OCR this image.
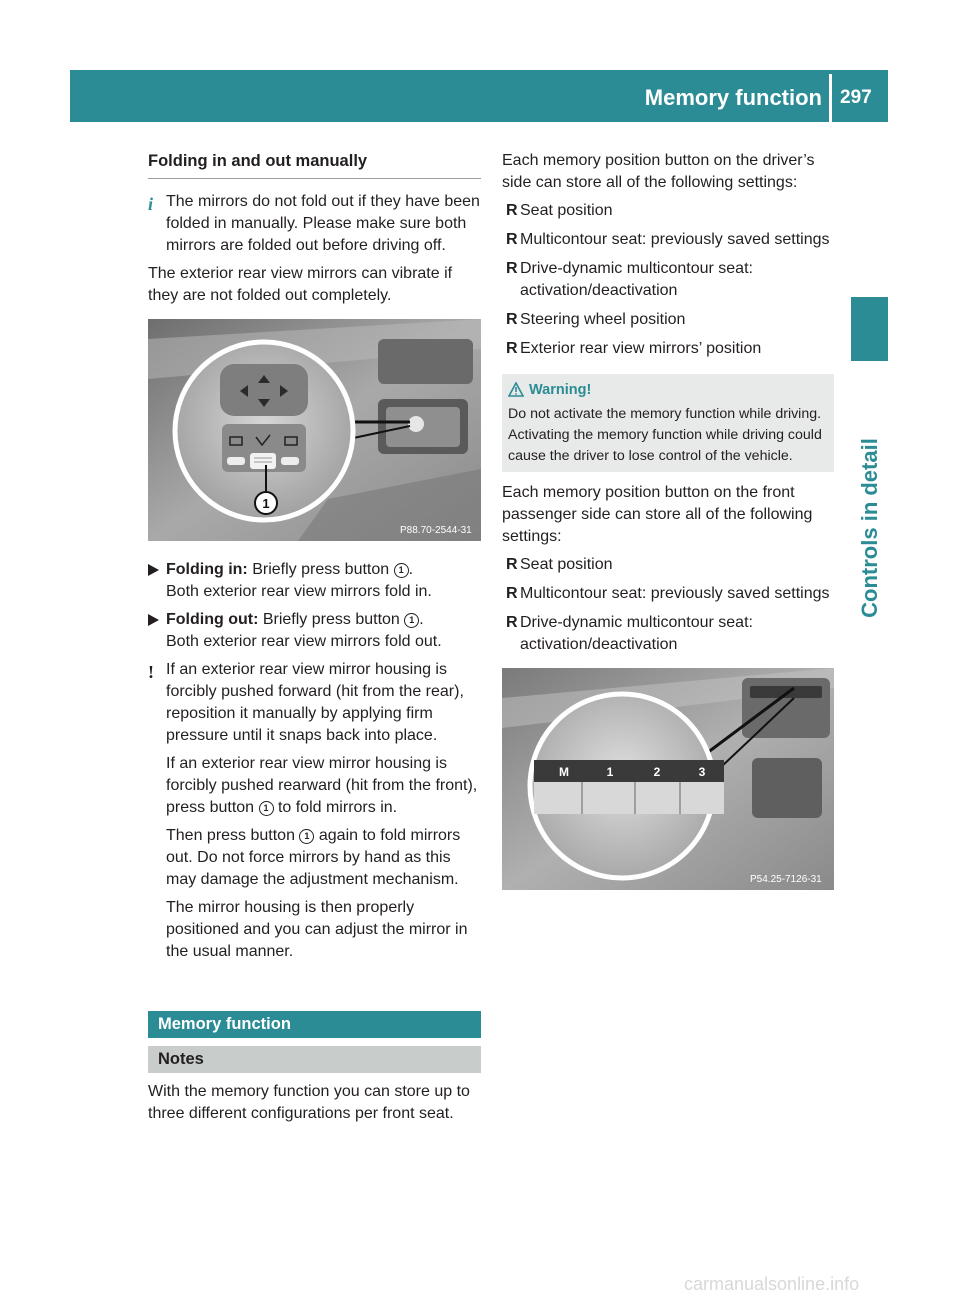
Memory function 297
Controls in detail
Folding in and out manually
i The mirrors do not fold out if they have been folded in manually. Please make sure both mirrors are folded out before driving off.

The exterior rear view mirrors can vibrate if they are not folded out completely.

1
P88.70-2544-31
Folding in: Briefly press button 1 .
Both exterior rear view mirrors fold in.
Folding out: Briefly press button 1 .
Both exterior rear view mirrors fold out.
! If an exterior rear view mirror housing is forcibly pushed forward (hit from the rear), reposition it manually by applying firm pressure until it snaps back into place.

If an exterior rear view mirror housing is forcibly pushed rearward (hit from the front), press button 1 to fold mirrors in.

Then press button 1 again to fold mirrors out. Do not force mirrors by hand as this may damage the adjustment mechanism.

The mirror housing is then properly positioned and you can adjust the mirror in the usual manner.

Memory function
Notes

With the memory function you can store up to three different configurations per front seat.

Each memory position button on the driver’s side can store all of the following settings:

R Seat position
R Multicontour seat: previously saved settings
R Drive-dynamic multicontour seat: activation/deactivation
R Steering wheel position
R Exterior rear view mirrors’ position
Warning!
Do not activate the memory function while driving. Activating the memory function while driving could cause the driver to lose control of the vehicle.

Each memory position button on the front passenger side can store all of the following settings:

R Seat position
R Multicontour seat: previously saved settings
R Drive-dynamic multicontour seat: activation/deactivation
M	1	2	3
P54.25-7126-31
carmanualsonline.info
